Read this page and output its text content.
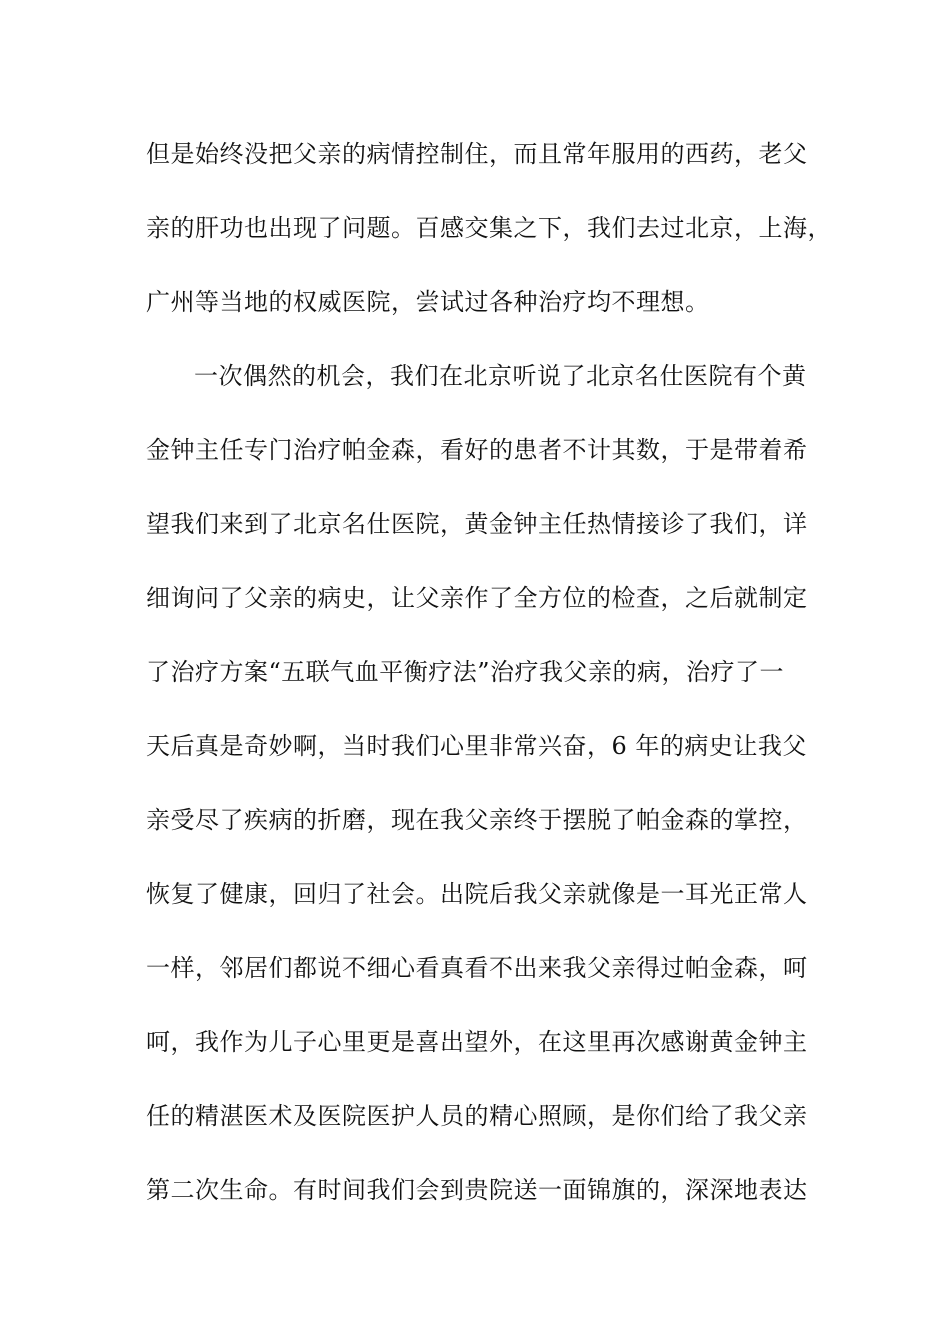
但是始终没把父亲的病情控制住，而且常年服用的西药，老父
亲的肝功也出现了问题。百感交集之下，我们去过北京，上海，
广州等当地的权威医院，尝试过各种治疗均不理想。
一次偶然的机会，我们在北京听说了北京名仕医院有个黄
金钟主任专门治疗帕金森，看好的患者不计其数，于是带着希
望我们来到了北京名仕医院，黄金钟主任热情接诊了我们，详
细询问了父亲的病史，让父亲作了全方位的检查，之后就制定
了治疗方案“五联气血平衡疗法”治疗我父亲的病，治疗了一
天后真是奇妙啊，当时我们心里非常兴奋，6 年的病史让我父
亲受尽了疾病的折磨，现在我父亲终于摆脱了帕金森的掌控，
恢复了健康，回归了社会。出院后我父亲就像是一耳光正常人
一样，邻居们都说不细心看真看不出来我父亲得过帕金森，呵
呵，我作为儿子心里更是喜出望外，在这里再次感谢黄金钟主
任的精湛医术及医院医护人员的精心照顾，是你们给了我父亲
第二次生命。有时间我们会到贵院送一面锦旗的，深深地表达
